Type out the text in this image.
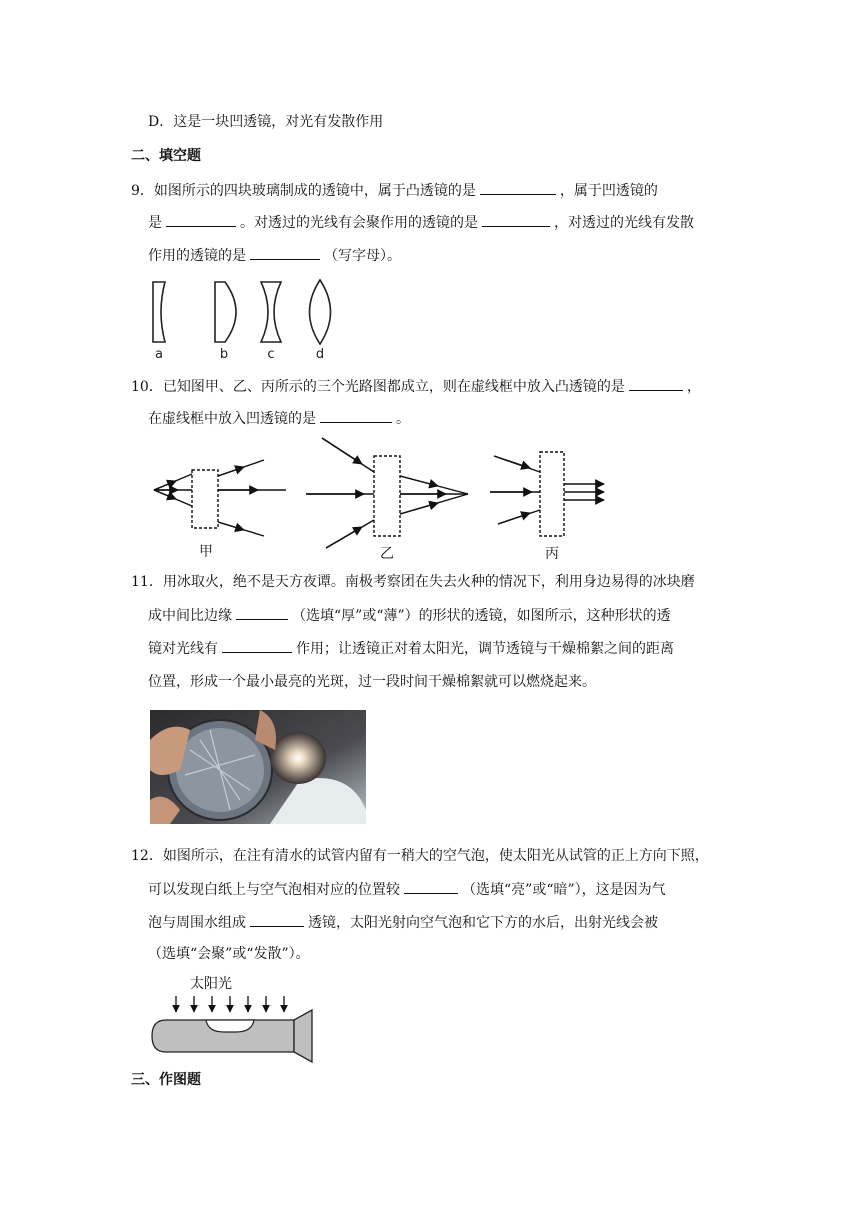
D．这是一块凹透镜，对光有发散作用
二、填空题
9．如图所示的四块玻璃制成的透镜中，属于凸透镜的是	，属于凹透镜的
是	。对透过的光线有会聚作用的透镜的是	，对透过的光线有发散
作用的透镜的是	（写字母）。
a	b	c	d
10．已知图甲、乙、丙所示的三个光路图都成立，则在虚线框中放入凸透镜的是	，
在虚线框中放入凹透镜的是	。
甲	乙	丙
11．用冰取火，绝不是天方夜谭。南极考察团在失去火种的情况下，利用身边易得的冰块磨
成中间比边缘	（选填“厚”或“薄”）的形状的透镜，如图所示，这种形状的透
镜对光线有	作用；让透镜正对着太阳光，调节透镜与干燥棉絮之间的距离
位置，形成一个最小最亮的光斑，过一段时间干燥棉絮就可以燃烧起来。
12．如图所示，在注有清水的试管内留有一稍大的空气泡，使太阳光从试管的正上方向下照，
可以发现白纸上与空气泡相对应的位置较	（选填“亮”或“暗”），这是因为气
泡与周围水组成	透镜，太阳光射向空气泡和它下方的水后，出射光线会被
（选填“会聚”或“发散”）。
太阳光
三、作图题
